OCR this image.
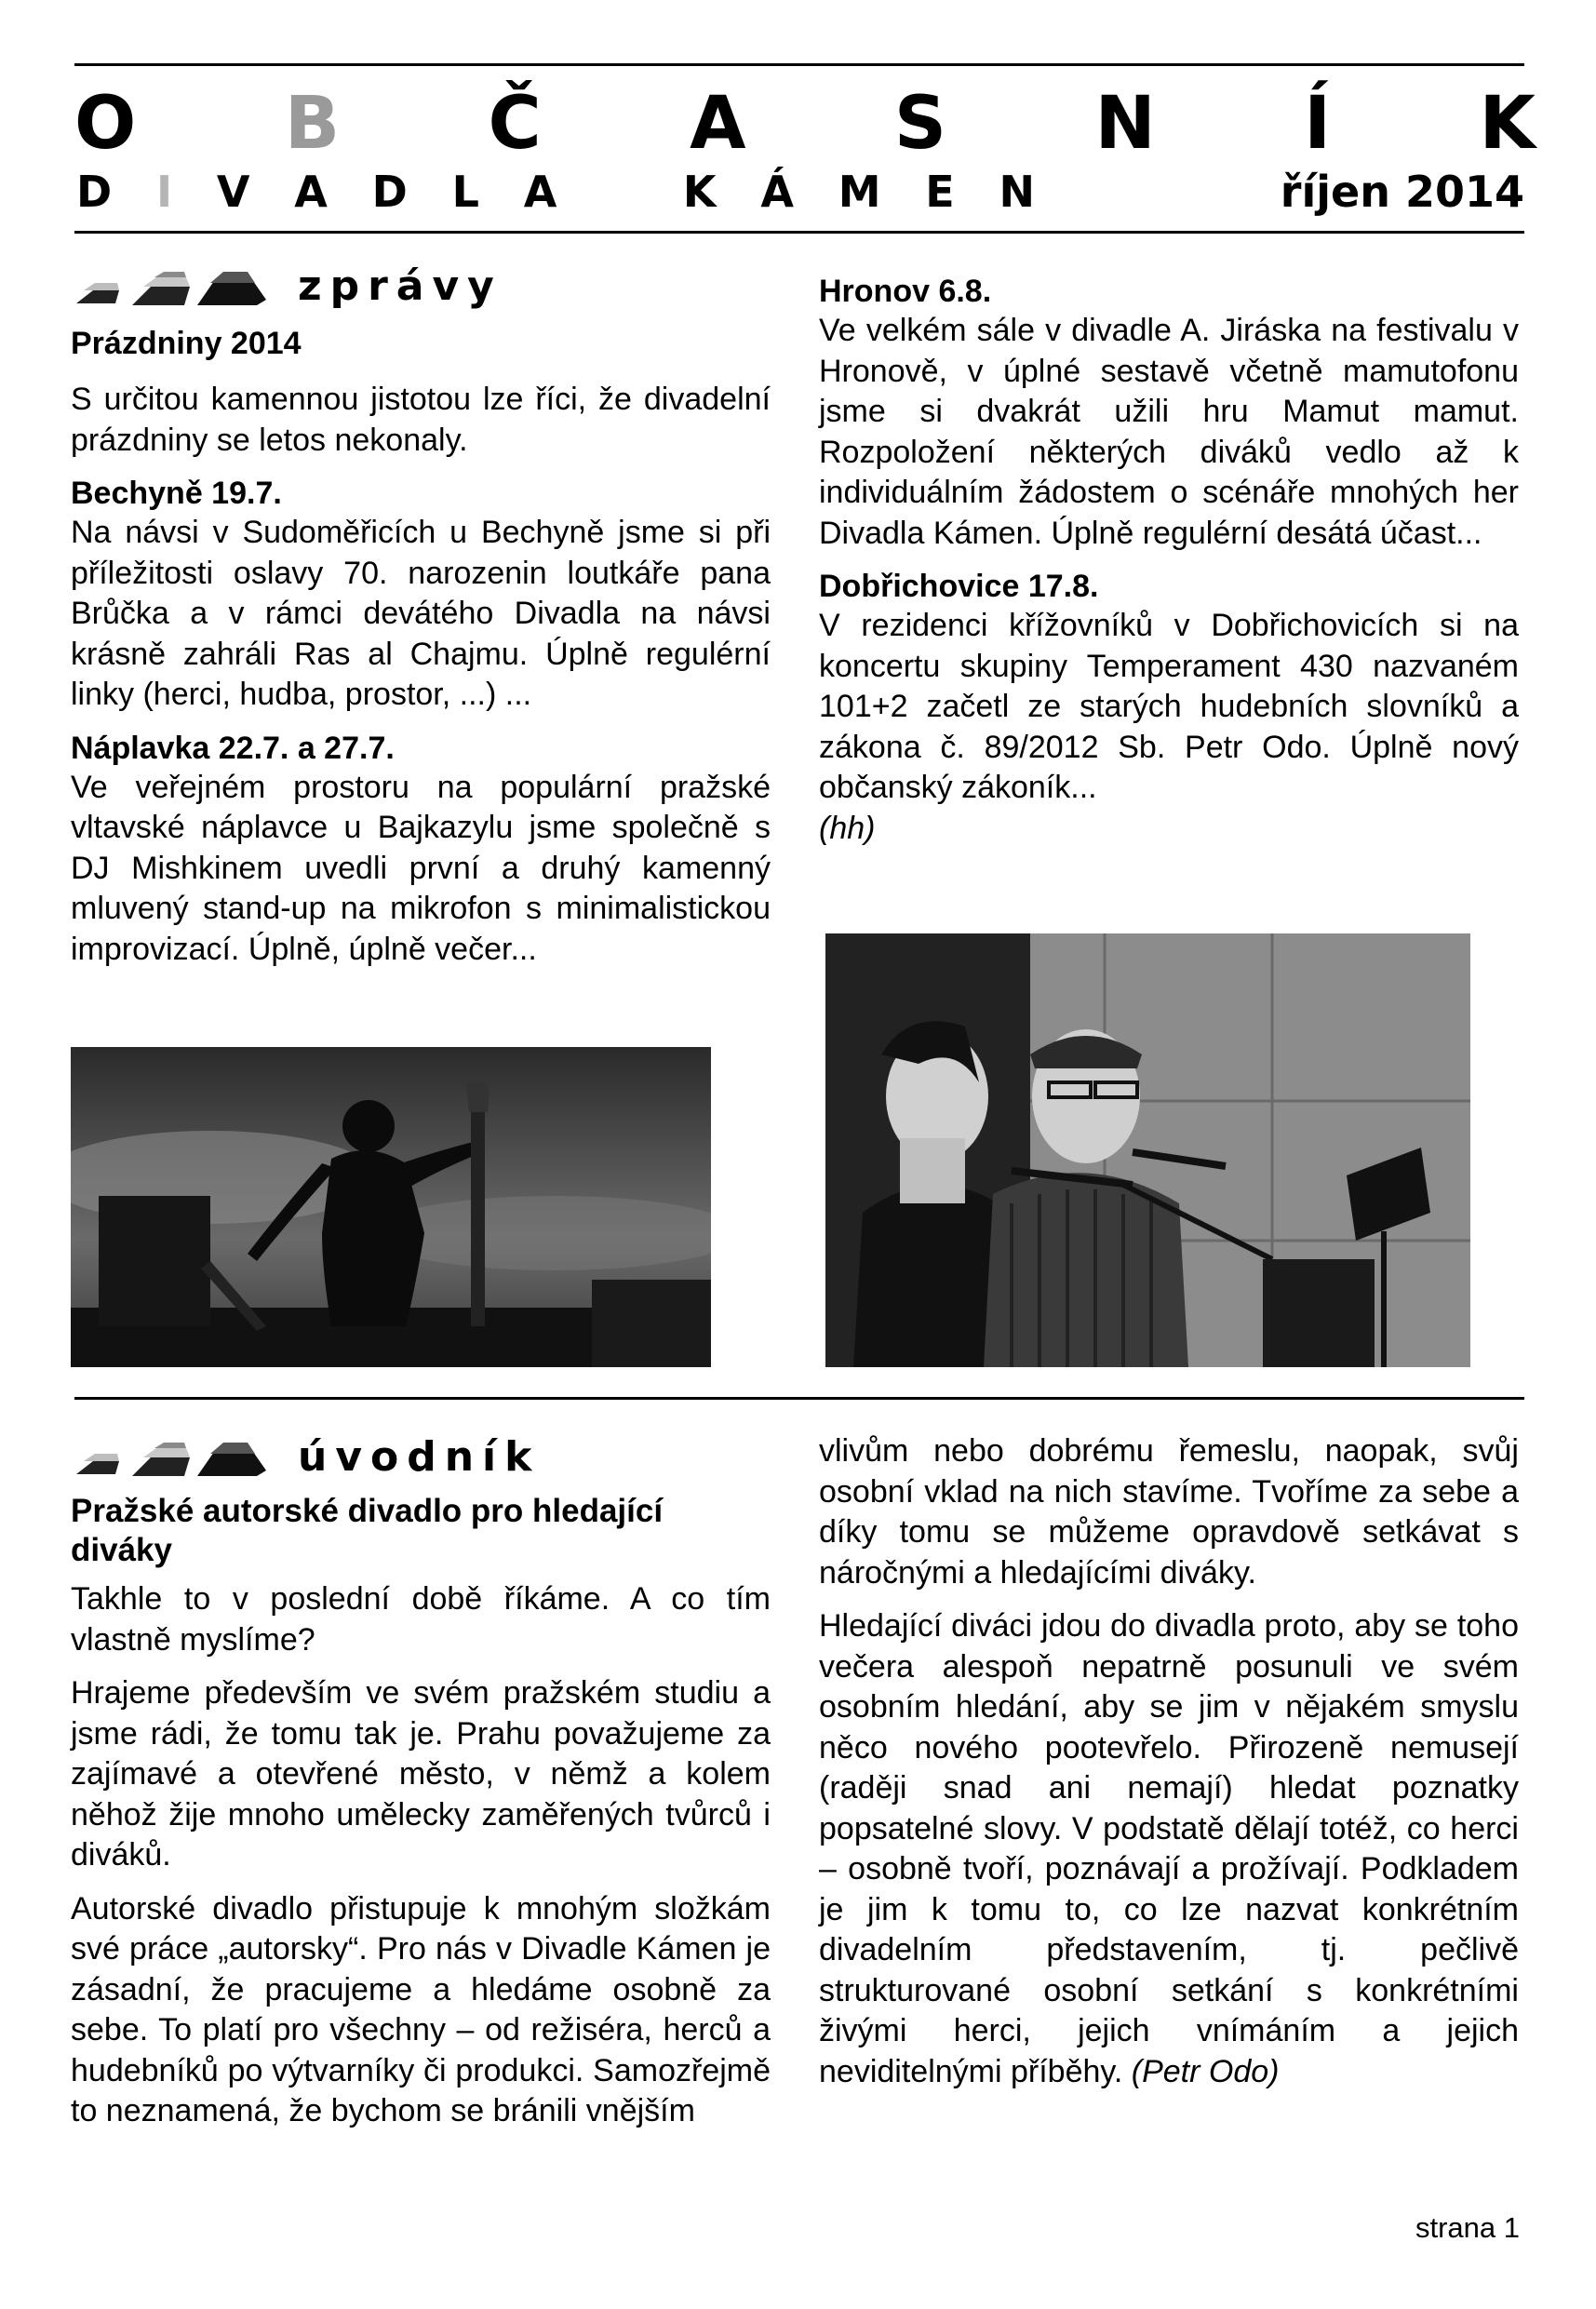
O B Č A S N Í K
D I V A D L A	K Á M E N	říjen 2014
zprávy

Prázdniny 2014

S určitou kamennou jistotou lze říci, že divadelní prázdniny se letos nekonaly.

Bechyně 19.7.

Na návsi v Sudoměřicích u Bechyně jsme si při příležitosti oslavy 70. narozenin loutkáře pana Brůčka a v rámci devátého Divadla na návsi krásně zahráli Ras al Chajmu. Úplně regulérní linky (herci, hudba, prostor, ...) ...

Náplavka 22.7. a 27.7.

Ve veřejném prostoru na populární pražské vltavské náplavce u Bajkazylu jsme společně s DJ Mishkinem uvedli první a druhý kamenný mluvený stand-up na mikrofon s minimalistickou improvizací. Úplně, úplně večer...

Hronov 6.8.

Ve velkém sále v divadle A. Jiráska na festivalu v Hronově, v úplné sestavě včetně mamutofonu jsme si dvakrát užili hru Mamut mamut. Rozpoložení některých diváků vedlo až k individuálním žádostem o scénáře mnohých her Divadla Kámen. Úplně regulérní desátá účast...

Dobřichovice 17.8.

V rezidenci křížovníků v Dobřichovicích si na koncertu skupiny Temperament 430 nazvaném 101+2 začetl ze starých hudebních slovníků a zákona č. 89/2012 Sb. Petr Odo. Úplně nový občanský zákoník...
(hh)

úvodník

Pražské autorské divadlo pro hledající diváky

Takhle to v poslední době říkáme. A co tím vlastně myslíme?

Hrajeme především ve svém pražském studiu a jsme rádi, že tomu tak je. Prahu považujeme za zajímavé a otevřené město, v němž a kolem něhož žije mnoho umělecky zaměřených tvůrců i diváků.

Autorské divadlo přistupuje k mnohým složkám své práce „autorsky“. Pro nás v Divadle Kámen je zásadní, že pracujeme a hledáme osobně za sebe. To platí pro všechny – od režiséra, herců a hudebníků po výtvarníky či produkci. Samozřejmě to neznamená, že bychom se bránili vnějším

vlivům nebo dobrému řemeslu, naopak, svůj osobní vklad na nich stavíme. Tvoříme za sebe a díky tomu se můžeme opravdově setkávat s náročnými a hledajícími diváky.

Hledající diváci jdou do divadla proto, aby se toho večera alespoň nepatrně posunuli ve svém osobním hledání, aby se jim v nějakém smyslu něco nového pootevřelo. Přirozeně nemusejí (raději snad ani nemají) hledat poznatky popsatelné slovy. V podstatě dělají totéž, co herci – osobně tvoří, poznávají a prožívají. Podkladem je jim k tomu to, co lze nazvat konkrétním divadelním představením, tj. pečlivě strukturované osobní setkání s konkrétními živými herci, jejich vnímáním a jejich neviditelnými příběhy. (Petr Odo)

strana 1
